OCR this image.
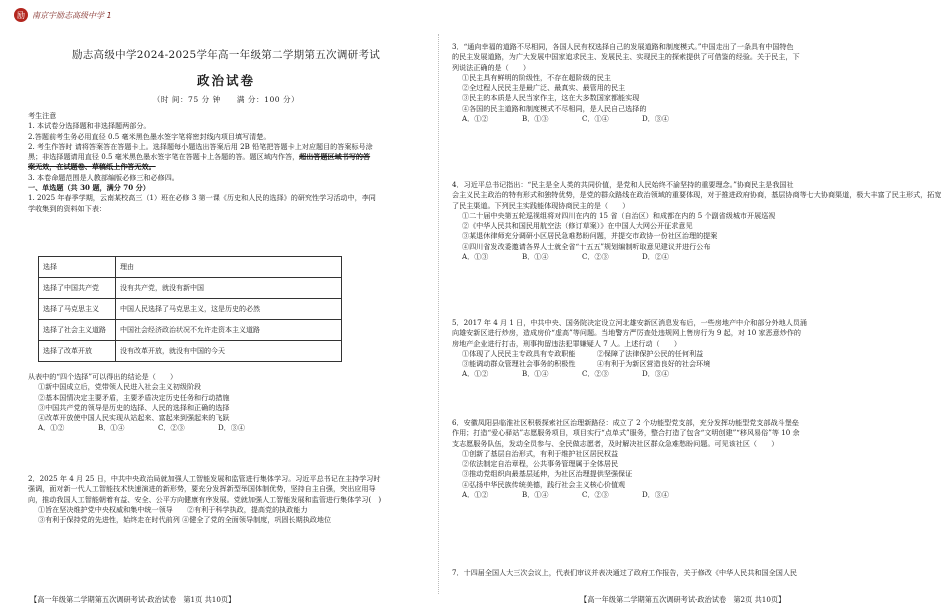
励 南京宇励志高级中学 1
励志高级中学2024-2025学年高一年级第二学期第五次调研考试
政治试卷
（时 间：75 分 钟　　满 分：100 分）

考生注意

1. 本试卷分选择题和非选择题两部分。

2.答题前考生务必用直径 0.5 毫米黑色墨水签字笔将密封线内项目填写清楚。

2. 考生作答时 请将答案答在答题卡上。选择题每小题选出答案后用 2B 铅笔把答题卡上对应题目的答案标号涂

黑；非选择题请用直径 0.5 毫米黑色墨水签字笔在答题卡上各题的答。题区域内作答，超出答题区域书写的答

案无效，在试题卷、草稿纸上作答无效。

3. 本卷命题范围是人教部编版必修三和必修四。

一、单选题（共 30 题，满分 70 分）

1. 2025 年春季学期，云南某校高三（1）班在必修 3 第一课《历史和人民的选择》的研究性学习活动中，李同

学收集到的资料如下表：

选择	理由
选择了中国共产党	没有共产党，就没有新中国
选择了马克思主义	中国人民选择了马克思主义，这是历史的必然
选择了社会主义道路	中国社会经济政治状况不允许走资本主义道路
选择了改革开放	没有改革开放，就没有中国的今天

从表中的“四个选择”可以得出的结论是（　　）

①新中国成立后，党带领人民进入社会主义初级阶段

②基本国情决定主要矛盾，主要矛盾决定历史任务和行动措施

③中国共产党的领导是历史的选择、人民的选择和正确的选择

④改革开放使中国人民实现从站起来、富起来到强起来的飞跃

A．①②	B．①④	C．②③	D．③④

2．2025 年 4 月 25 日，中共中央政治局就加强人工智能发展和监管进行集体学习。习近平总书记在主持学习时

强调，面对新一代人工智能技术快速演进的新形势，要充分发挥新型举国体制优势，坚持自主自强，突出应用导

向，推动我国人工智能朝着有益、安全、公平方向健康有序发展。党就加强人工智能发展和监管进行集体学习(　)

①旨在坚决维护党中央权威和集中统一领导　　②有利于科学执政，提高党的执政能力

③有利于保持党的先进性，始终走在时代前列 ④健全了党的全面领导制度，巩固长期执政地位

3．“通向幸福的道路不尽相同，各国人民有权选择自己的发展道路和制度模式。”中国走出了一条具有中国特色

的民主发展道路，为广大发展中国家追求民主、发展民主、实现民主的探索提供了可借鉴的经验。关于民主，下

列说法正确的是（　　）

①民主具有鲜明的阶级性，不存在超阶级的民主

②全过程人民民主是最广泛、最真实、最管用的民主

③民主的本质是人民当家作主，这在大多数国家都能实现

④各国的民主道路和制度模式不尽相同，是人民自己选择的

A．①②	B．①③	C．①④	D．③④

4．习近平总书记指出：“民主是全人类的共同价值，是党和人民始终不渝坚持的重要理念。”协商民主是我国社

会主义民主政治的特有形式和独特优势，是党的群众路线在政治领域的重要体现，对于推进政府协商，基层协商等七大协商渠道，极大丰富了民主形式，拓宽

了民主渠道。下列民主实践能体现协商民主的是（　　）

①二十届中央第五轮巡视组将对四川在内的 15 省（自治区）和成都在内的 5 个副省级城市开展巡视

②《中华人民共和国民用航空法（修订草案）》在中国人大网公开征求意见

③某退休律师充分调研小区居民急难愁盼问题，并提交市政协一份社区治理的提案

④四川省发改委邀请各界人士就全省“十五五”规划编制听取意见建议并进行公布

A．①③	B．①④	C．②③	D．②④

5．2017 年 4 月 1 日，中共中央、国务院决定设立河北雄安新区消息发布后，一些房地产中介和部分外地人员涌

向雄安新区进行炒房，造成房价“虚高”等问题。当地警方严厉查处违规网上售房行为 9 起，对 10 家恶意炒作的

房地产企业进行打击，刑事拘留违法犯罪嫌疑人 7 人。上述行动（　　）

①体现了人民民主专政具有专政职能　　　②保障了法律保护公民的任何利益

③能调动群众管理社会事务的积极性　　　④有利于为新区营造良好的社会环境

A．①②	B．①④	C．②③	D．③④

6．安徽凤阳县临淮社区积极探索社区治理新路径：成立了 2 个功能型党支部，充分发挥功能型党支部战斗堡垒

作用；打造“爱心驿站”志愿服务项目，项目实行“点单式”服务，整合打造了包含“文明创建”“移风易俗”等 10 余

支志愿服务队伍，发动全员参与、全民做志愿者，及时解决社区群众急难愁盼问题。可见该社区（　　）

①创新了基层自治形式，有利于维护社区居民权益

②依法制定自治章程，公共事务管理属于全体居民

③推动党组织向最基层延伸，为社区治理提供坚强保证

④弘扬中华民族传统美德，践行社会主义核心价值观

A．①②	B．①④	C．②③	D．③④

7．十四届全国人大三次会议上，代表们审议并表决通过了政府工作报告，关于修改《中华人民共和国全国人民

【高一年级第二学期第五次调研考试-政治试卷　第1页 共10页】	【高一年级第二学期第五次调研考试-政治试卷　第2页 共10页】
